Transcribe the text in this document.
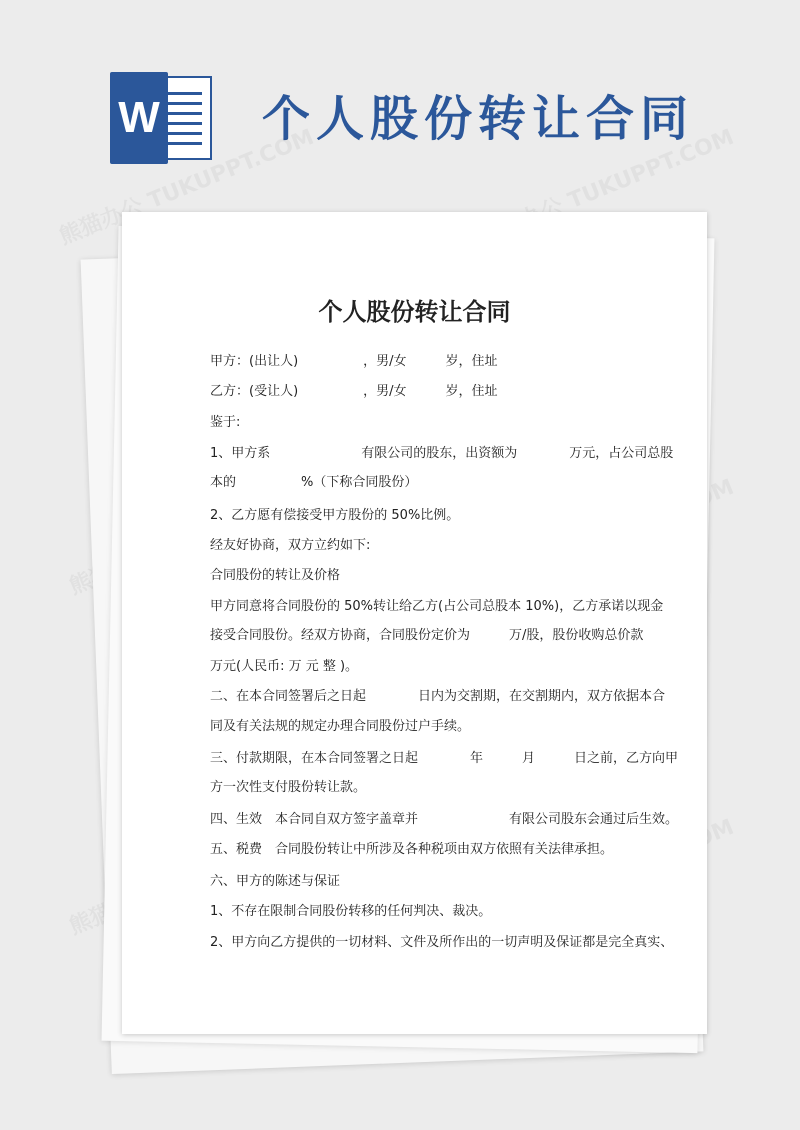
W 个人股份转让合同
个人股份转让合同
甲方：(出让人)　　　　　，男/女　　　岁，住址
乙方：(受让人)　　　　　，男/女　　　岁，住址
鉴于:
1、甲方系　　　　　　　有限公司的股东，出资额为　　　　万元，占公司总股
本的　　　　　%（下称合同股份）
2、乙方愿有偿接受甲方股份的 50%比例。
经友好协商，双方立约如下:
合同股份的转让及价格
甲方同意将合同股份的 50%转让给乙方(占公司总股本 10%)，乙方承诺以现金
接受合同股份。经双方协商，合同股份定价为　　　万/股，股份收购总价款
万元(人民币: 万 元 整 )。
二、在本合同签署后之日起　　　　日内为交割期，在交割期内，双方依据本合
同及有关法规的规定办理合同股份过户手续。
三、付款期限，在本合同签署之日起　　　　年　　　月　　　日之前，乙方向甲
方一次性支付股份转让款。
四、生效　本合同自双方签字盖章并　　　　　　　有限公司股东会通过后生效。
五、税费　合同股份转让中所涉及各种税项由双方依照有关法律承担。
六、甲方的陈述与保证
1、不存在限制合同股份转移的任何判决、裁决。
2、甲方向乙方提供的一切材料、文件及所作出的一切声明及保证都是完全真实、
